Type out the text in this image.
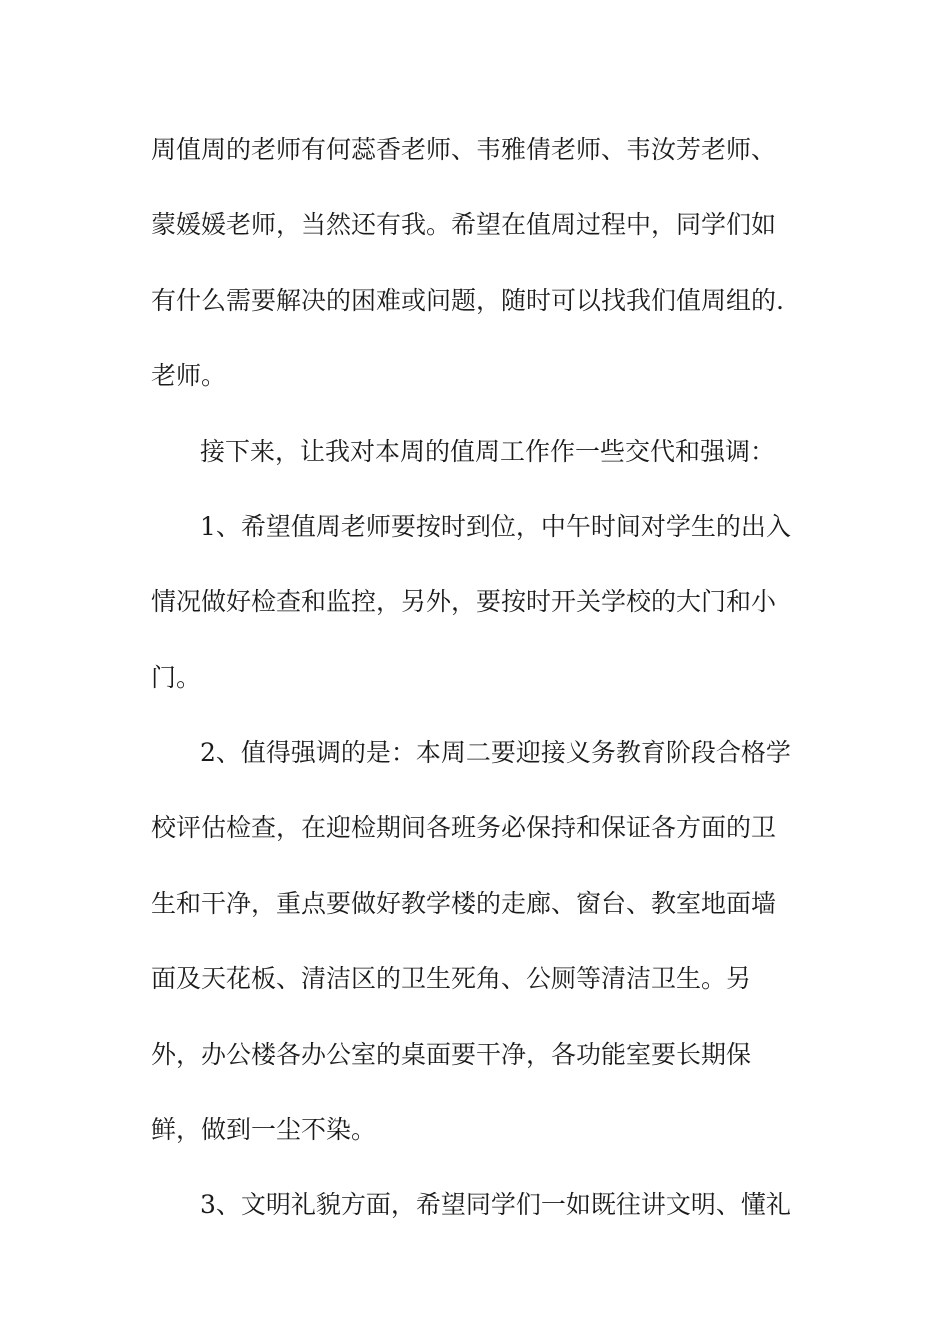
周值周的老师有何蕊香老师、韦雅倩老师、韦汝芳老师、
蒙媛媛老师，当然还有我。希望在值周过程中，同学们如
有什么需要解决的困难或问题，随时可以找我们值周组的.
老师。
接下来，让我对本周的值周工作作一些交代和强调：
1、希望值周老师要按时到位，中午时间对学生的出入
情况做好检查和监控，另外，要按时开关学校的大门和小
门。
2、值得强调的是：本周二要迎接义务教育阶段合格学
校评估检查，在迎检期间各班务必保持和保证各方面的卫
生和干净，重点要做好教学楼的走廊、窗台、教室地面墙
面及天花板、清洁区的卫生死角、公厕等清洁卫生。另
外，办公楼各办公室的桌面要干净，各功能室要长期保
鲜，做到一尘不染。
3、文明礼貌方面，希望同学们一如既往讲文明、懂礼
